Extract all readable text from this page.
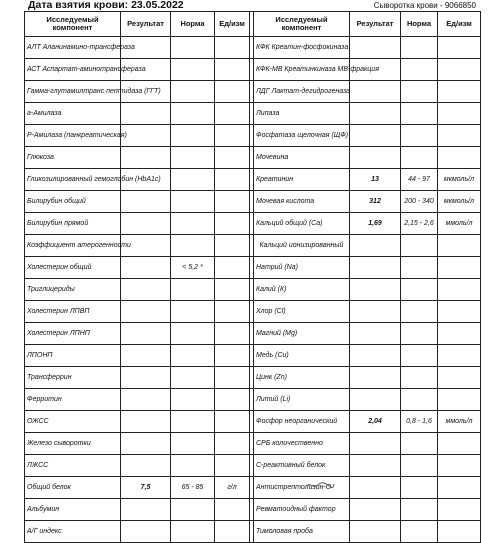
Дата взятия крови: 23.05.2022	Сыворотка крови - 9066850
Исследуемый компонент	Результат	Норма	Ед/изм		Исследуемый компонент	Результат	Норма	Ед/изм
АЛТ Аланинамино-трансфераза					КФК Креатин-фосфокиназа			
АСТ Аспартат-аминотрансфераза					КФК-МВ Креатинкиназа МВ-фракция			
Гамма-глутамилтранс пептидаза (ГГТ)					ЛДГ Лактат-дегидрогеназа			
а-Амилаза					Липаза			
Р-Амилаза (панкреатическая)					Фосфатаза щелочная (ЩФ)			
Глюкоза					Мочевина			
Гликозилированный гемоглобин (HbA1c)					Креатинин	13	44 - 97	мкмоль/л
Билирубин общий					Мочевая кислота	312	200 - 340	мкмоль/л
Билирубин прямой					Кальций общий (Са)	1,69	2,15 - 2,6	ммоль/л
Коэффициент атерогенности					Кальций ионизированный			
Холестерин общий		< 5,2 *			Натрий (Na)			
Триглицериды					Калий (К)			
Холестерин ЛПВП					Хлор (Cl)			
Холестерин ЛПНП					Магний (Mg)			
ЛПОНП					Медь (Cu)			
Трансферрин					Цинк (Zn)			
Ферритин					Литий (Li)			
ОЖСС					Фосфор неорганический	2,04	0,8 - 1,6	ммоль/л
Железо сыворотки					СРБ количественно			
ЛЖСС					С-реактивный белок			
Общий белок	7,5	65 - 85	г/л		Антистрептолизин-О			
Альбумин					Ревматоидный фактор			
А/Г индекс					Тимоловая проба			
